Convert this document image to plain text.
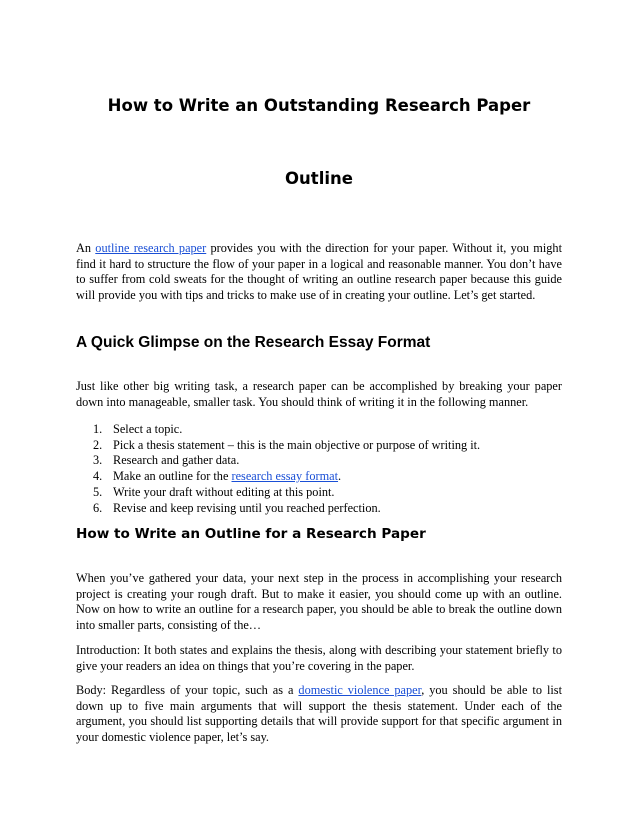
How to Write an Outstanding Research Paper
Outline

An outline research paper provides you with the direction for your paper. Without it, you might find it hard to structure the flow of your paper in a logical and reasonable manner. You don’t have to suffer from cold sweats for the thought of writing an outline research paper because this guide will provide you with tips and tricks to make use of in creating your outline. Let’s get started.

A Quick Glimpse on the Research Essay Format

Just like other big writing task, a research paper can be accomplished by breaking your paper down into manageable, smaller task. You should think of writing it in the following manner.

1. Select a topic.
2. Pick a thesis statement – this is the main objective or purpose of writing it.
3. Research and gather data.
4. Make an outline for the research essay format.
5. Write your draft without editing at this point.
6. Revise and keep revising until you reached perfection.
How to Write an Outline for a Research Paper

When you’ve gathered your data, your next step in the process in accomplishing your research project is creating your rough draft. But to make it easier, you should come up with an outline. Now on how to write an outline for a research paper, you should be able to break the outline down into smaller parts, consisting of the…

Introduction: It both states and explains the thesis, along with describing your statement briefly to give your readers an idea on things that you’re covering in the paper.

Body: Regardless of your topic, such as a domestic violence paper, you should be able to list down up to five main arguments that will support the thesis statement. Under each of the argument, you should list supporting details that will provide support for that specific argument in your domestic violence paper, let’s say.
